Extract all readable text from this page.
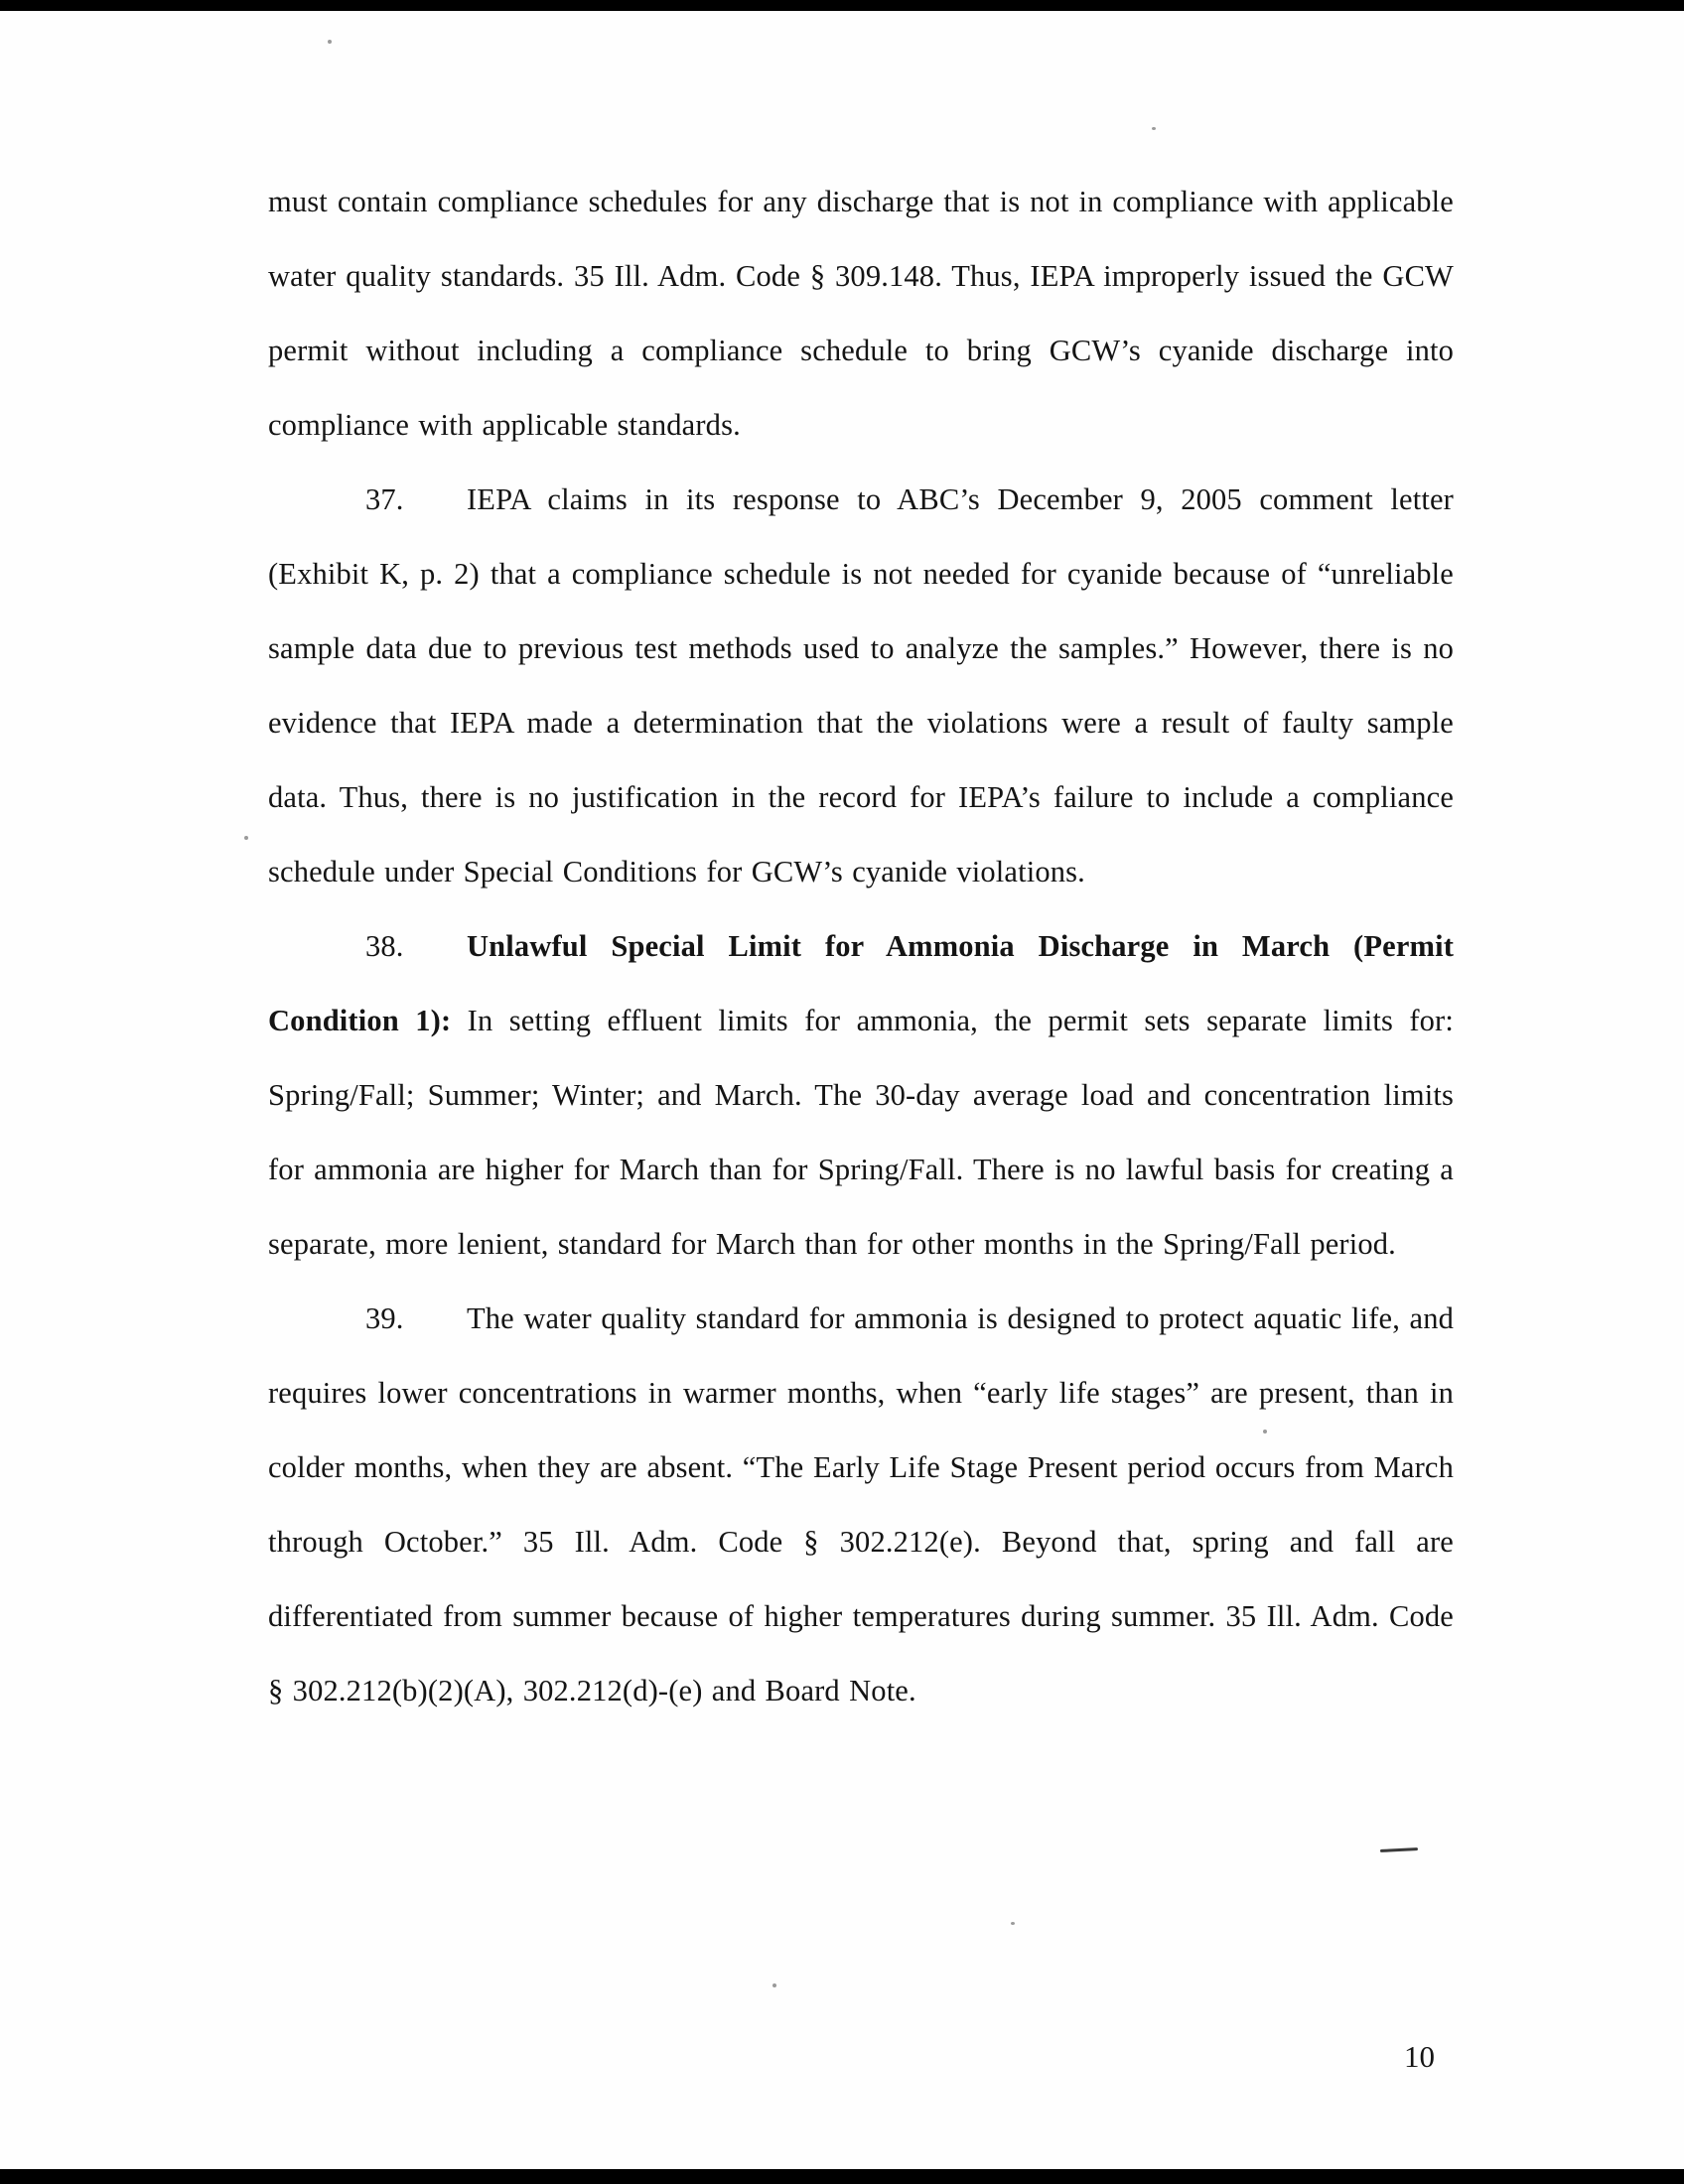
must contain compliance schedules for any discharge that is not in compliance with applicable water quality standards. 35 Ill. Adm. Code § 309.148. Thus, IEPA improperly issued the GCW permit without including a compliance schedule to bring GCW’s cyanide discharge into compliance with applicable standards.

37. IEPA claims in its response to ABC’s December 9, 2005 comment letter (Exhibit K, p. 2) that a compliance schedule is not needed for cyanide because of “unreliable sample data due to previous test methods used to analyze the samples.” However, there is no evidence that IEPA made a determination that the violations were a result of faulty sample data. Thus, there is no justification in the record for IEPA’s failure to include a compliance schedule under Special Conditions for GCW’s cyanide violations.

38. Unlawful Special Limit for Ammonia Discharge in March (Permit Condition 1): In setting effluent limits for ammonia, the permit sets separate limits for: Spring/Fall; Summer; Winter; and March. The 30-day average load and concentration limits for ammonia are higher for March than for Spring/Fall. There is no lawful basis for creating a separate, more lenient, standard for March than for other months in the Spring/Fall period.

39. The water quality standard for ammonia is designed to protect aquatic life, and requires lower concentrations in warmer months, when “early life stages” are present, than in colder months, when they are absent. “The Early Life Stage Present period occurs from March through October.” 35 Ill. Adm. Code § 302.212(e). Beyond that, spring and fall are differentiated from summer because of higher temperatures during summer. 35 Ill. Adm. Code § 302.212(b)(2)(A), 302.212(d)-(e) and Board Note.

10
